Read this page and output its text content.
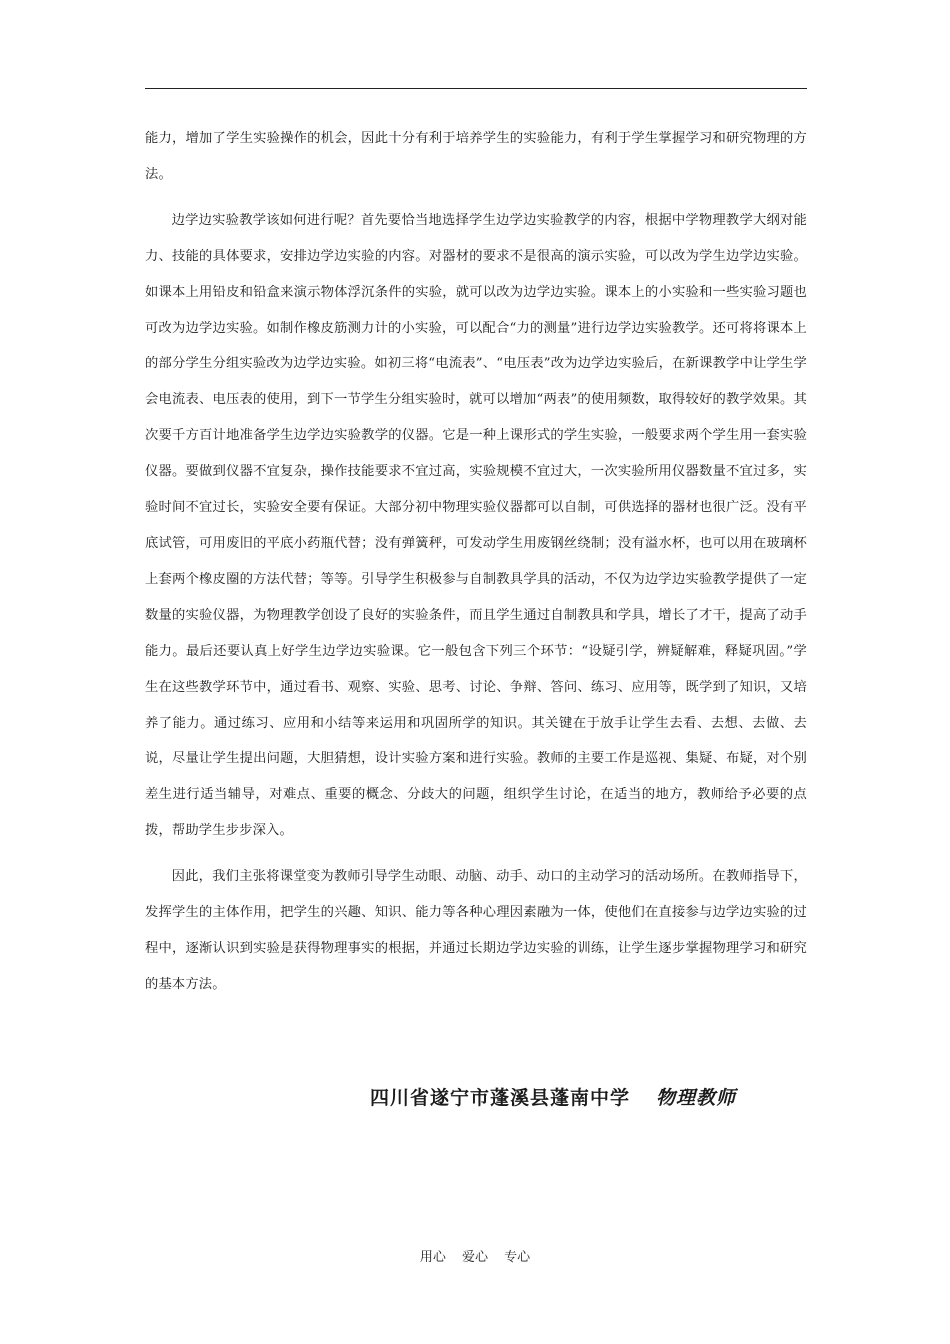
能力，增加了学生实验操作的机会，因此十分有利于培养学生的实验能力，有利于学生掌握学习和研究物理的方法。

边学边实验教学该如何进行呢？首先要恰当地选择学生边学边实验教学的内容，根据中学物理教学大纲对能力、技能的具体要求，安排边学边实验的内容。对器材的要求不是很高的演示实验，可以改为学生边学边实验。如课本上用铅皮和铅盒来演示物体浮沉条件的实验，就可以改为边学边实验。课本上的小实验和一些实验习题也可改为边学边实验。如制作橡皮筋测力计的小实验，可以配合“力的测量”进行边学边实验教学。还可将将课本上的部分学生分组实验改为边学边实验。如初三将“电流表”、“电压表”改为边学边实验后，在新课教学中让学生学会电流表、电压表的使用，到下一节学生分组实验时，就可以增加“两表”的使用频数，取得较好的教学效果。其次要千方百计地准备学生边学边实验教学的仪器。它是一种上课形式的学生实验，一般要求两个学生用一套实验仪器。要做到仪器不宜复杂，操作技能要求不宜过高，实验规模不宜过大，一次实验所用仪器数量不宜过多，实验时间不宜过长，实验安全要有保证。大部分初中物理实验仪器都可以自制，可供选择的器材也很广泛。没有平底试管，可用废旧的平底小药瓶代替；没有弹簧秤，可发动学生用废钢丝绕制；没有溢水杯，也可以用在玻璃杯上套两个橡皮圈的方法代替；等等。引导学生积极参与自制教具学具的活动，不仅为边学边实验教学提供了一定数量的实验仪器，为物理教学创设了良好的实验条件，而且学生通过自制教具和学具，增长了才干，提高了动手能力。最后还要认真上好学生边学边实验课。它一般包含下列三个环节：“设疑引学，辨疑解难，释疑巩固。”学生在这些教学环节中，通过看书、观察、实验、思考、讨论、争辩、答问、练习、应用等，既学到了知识，又培养了能力。通过练习、应用和小结等来运用和巩固所学的知识。其关键在于放手让学生去看、去想、去做、去说，尽量让学生提出问题，大胆猜想，设计实验方案和进行实验。教师的主要工作是巡视、集疑、布疑，对个别差生进行适当辅导，对难点、重要的概念、分歧大的问题，组织学生讨论，在适当的地方，教师给予必要的点拨，帮助学生步步深入。

因此，我们主张将课堂变为教师引导学生动眼、动脑、动手、动口的主动学习的活动场所。在教师指导下，发挥学生的主体作用，把学生的兴趣、知识、能力等各种心理因素融为一体，使他们在直接参与边学边实验的过程中，逐渐认识到实验是获得物理事实的根据，并通过长期边学边实验的训练，让学生逐步掌握物理学习和研究的基本方法。

四川省遂宁市蓬溪县蓬南中学 物理教师
用心 爱心 专心
